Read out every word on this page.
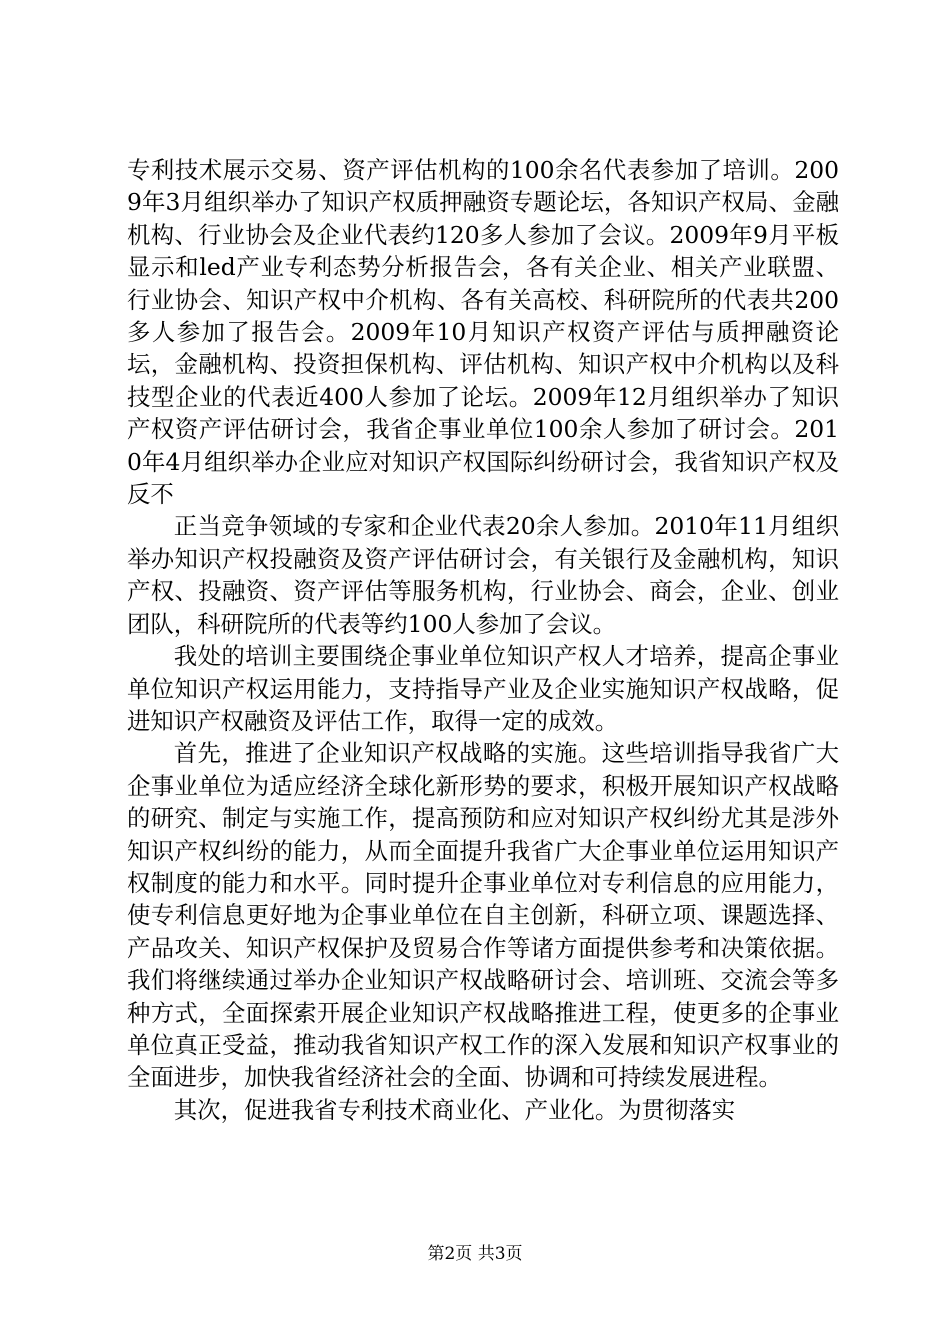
专利技术展示交易、资产评估机构的100余名代表参加了培训。2009年3月组织举办了知识产权质押融资专题论坛，各知识产权局、金融机构、行业协会及企业代表约120多人参加了会议。2009年9月平板显示和led产业专利态势分析报告会，各有关企业、相关产业联盟、行业协会、知识产权中介机构、各有关高校、科研院所的代表共200多人参加了报告会。2009年10月知识产权资产评估与质押融资论坛，金融机构、投资担保机构、评估机构、知识产权中介机构以及科技型企业的代表近400人参加了论坛。2009年12月组织举办了知识产权资产评估研讨会，我省企事业单位100余人参加了研讨会。2010年4月组织举办企业应对知识产权国际纠纷研讨会，我省知识产权及反不

正当竞争领域的专家和企业代表20余人参加。2010年11月组织举办知识产权投融资及资产评估研讨会，有关银行及金融机构，知识产权、投融资、资产评估等服务机构，行业协会、商会，企业、创业团队，科研院所的代表等约100人参加了会议。

我处的培训主要围绕企事业单位知识产权人才培养，提高企事业单位知识产权运用能力，支持指导产业及企业实施知识产权战略，促进知识产权融资及评估工作，取得一定的成效。

首先，推进了企业知识产权战略的实施。这些培训指导我省广大企事业单位为适应经济全球化新形势的要求，积极开展知识产权战略的研究、制定与实施工作，提高预防和应对知识产权纠纷尤其是涉外知识产权纠纷的能力，从而全面提升我省广大企事业单位运用知识产权制度的能力和水平。同时提升企事业单位对专利信息的应用能力，使专利信息更好地为企事业单位在自主创新，科研立项、课题选择、产品攻关、知识产权保护及贸易合作等诸方面提供参考和决策依据。我们将继续通过举办企业知识产权战略研讨会、培训班、交流会等多种方式，全面探索开展企业知识产权战略推进工程，使更多的企事业单位真正受益，推动我省知识产权工作的深入发展和知识产权事业的全面进步，加快我省经济社会的全面、协调和可持续发展进程。

其次，促进我省专利技术商业化、产业化。为贯彻落实

第2页 共3页
